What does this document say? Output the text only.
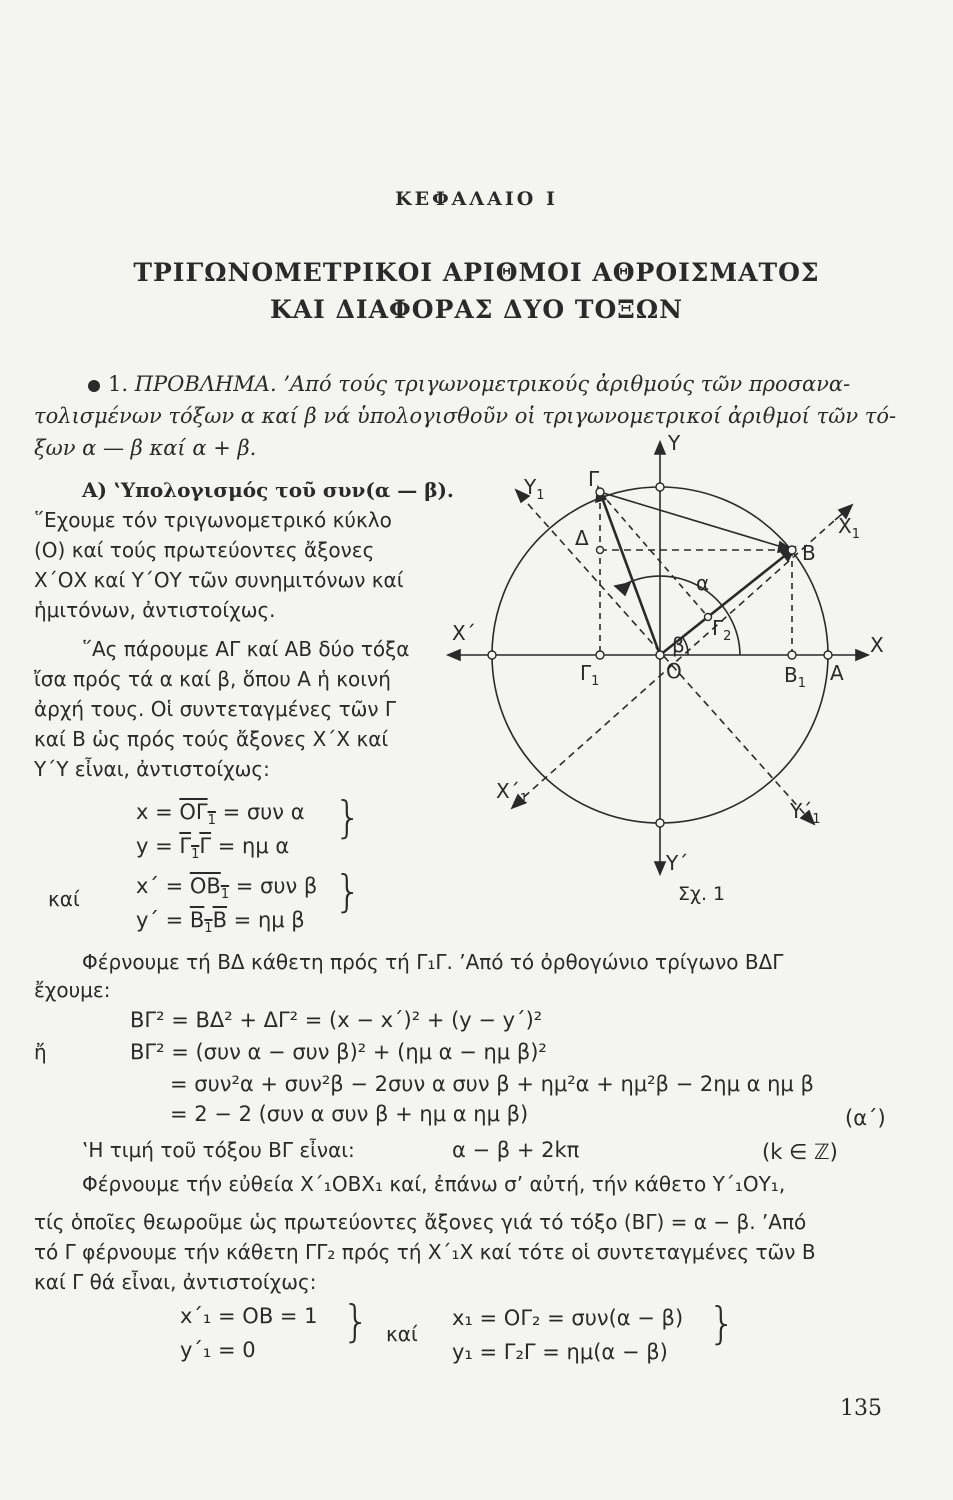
ΚΕΦΑΛΑΙΟ Ι
ΤΡΙΓΩΝΟΜΕΤΡΙΚΟΙ ΑΡΙΘΜΟΙ ΑΘΡΟΙΣΜΑΤΟΣ
ΚΑΙ ΔΙΑΦΟΡΑΣ ΔΥΟ ΤΟΞΩΝ
1. ΠΡΟΒΛΗΜΑ. ’Από τούς τριγωνομετρικούς ἀριθμούς τῶν προσανα-
τολισμένων τόξων α καί β νά ὑπολογισθοῦν οἱ τριγωνομετρικοί ἀριθμοί τῶν τό-
ξων α — β καί α + β.
A) ‛Υπολογισμός τοῦ συν(α — β).
῞Εχουμε τόν τριγωνομετρικό κύκλο
(Ο) καί τούς πρωτεύοντες ἄξονες
Χ΄ΟΧ καί Υ΄ΟΥ τῶν συνημιτόνων καί
ἡμιτόνων, ἀντιστοίχως.
῞Ας πάρουμε ΑΓ καί ΑΒ δύο τόξα
ἴσα πρός τά α καί β, ὅπου Α ἡ κοινή
ἀρχή τους. Οἱ συντεταγμένες τῶν Γ
καί Β ὡς πρός τούς ἄξονες Χ΄Χ καί
Υ΄Υ εἶναι, ἀντιστοίχως:
$x = O\Gamma_1 = \sigma\upsilon\nu$ α
$y = \Gamma_1\Gamma = \eta\mu$ α
}
καί
$x΄ = OB_1 = \sigma\upsilon\nu$ β
$y΄ = B_1B = \eta\mu$ β
}
Υ
$\Upsilon_1$
Γ
$X_1$
Δ
Β
α
$\Gamma_2$
β
Χ΄	Χ
$\Gamma_1$	Ο	$B_1$ Α
$X΄_1$	$\Upsilon΄_1$
Υ΄
Σχ. 1
Φέρνουμε τή ΒΔ κάθετη πρός τή Γ₁Γ. ’Από τό ὀρθογώνιο τρίγωνο ΒΔΓ
ἔχουμε:
ΒΓ² = ΒΔ² + ΔΓ² = (x − x΄)² + (y − y΄)²
ἤ	ΒΓ² = (συν α − συν β)² + (ημ α − ημ β)²
= συν²α + συν²β − 2συν α συν β + ημ²α + ημ²β − 2ημ α ημ β
= 2 − 2 (συν α συν β + ημ α ημ β)	(α΄)
‛Η τιμή τοῦ τόξου ΒΓ εἶναι:	α − β + 2kπ	(k ∈ ℤ)
Φέρνουμε τήν εὐθεία Χ΄₁ΟΒΧ₁ καί, ἐπάνω σ’ αὐτή, τήν κάθετο Υ΄₁ΟΥ₁,
τίς ὁποῖες θεωροῦμε ὡς πρωτεύοντες ἄξονες γιά τό τόξο (ΒΓ) = α − β. ’Από
τό Γ φέρνουμε τήν κάθετη ΓΓ₂ πρός τή Χ΄₁Χ καί τότε οἱ συντεταγμένες τῶν Β
καί Γ θά εἶναι, ἀντιστοίχως:
x΄₁ = ΟΒ = 1
y΄₁ = 0
} καί
x₁ = ΟΓ₂ = συν(α − β)
y₁ = Γ₂Γ = ημ(α − β)
}
135
